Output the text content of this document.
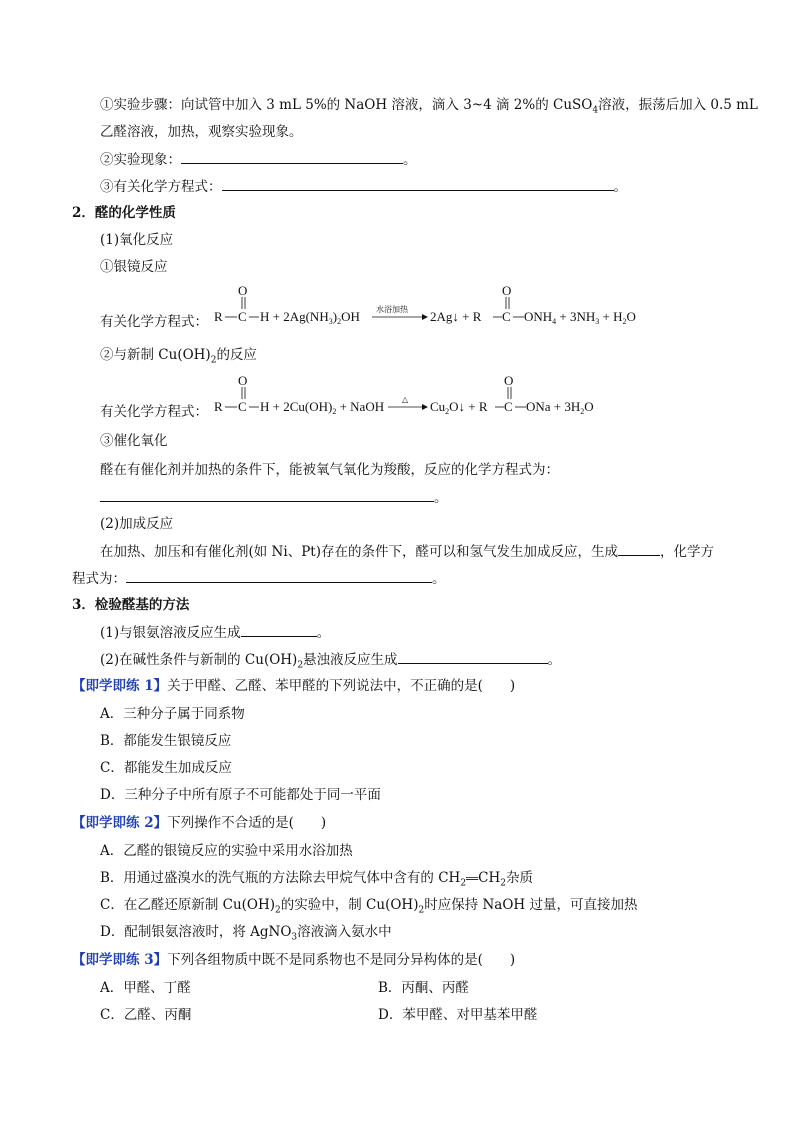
①实验步骤：向试管中加入 3 mL 5%的 NaOH 溶液，滴入 3~4 滴 2%的 CuSO$_4$溶液，振荡后加入 0.5 mL
乙醛溶液，加热，观察实验现象。
②实验现象：	。
③有关化学方程式：	。
2．醛的化学性质
(1)氧化反应
①银镜反应
有关化学方程式： R C
O
$H + 2Ag(NH_3)_2OH$ 水浴加热 2Ag↓ + R C
O
$ONH_4 + 3NH_3 + H_2O$
②与新制 $Cu(OH)_2$的反应
有关化学方程式： R C
O
$H + 2Cu(OH)_2$ + NaOH △ $Cu_2O↓ + R$ C
O
ONa + $3H_2O$
③催化氧化
醛在有催化剂并加热的条件下，能被氧气氧化为羧酸，反应的化学方程式为：
。
(2)加成反应
在加热、加压和有催化剂(如 Ni、Pt)存在的条件下，醛可以和氢气发生加成反应，生成	，化学方
程式为：	。
3．检验醛基的方法
(1)与银氨溶液反应生成	。
(2)在碱性条件与新制的 $Cu(OH)_2$悬浊液反应生成	。
【即学即练 1】关于甲醛、乙醛、苯甲醛的下列说法中，不正确的是(　　)
A．三种分子属于同系物
B．都能发生银镜反应
C．都能发生加成反应
D．三种分子中所有原子不可能都处于同一平面
【即学即练 2】下列操作不合适的是(　　)
A．乙醛的银镜反应的实验中采用水浴加热
B．用通过盛溴水的洗气瓶的方法除去甲烷气体中含有的 $CH_2══CH_2$杂质
C．在乙醛还原新制 $Cu(OH)_2$的实验中，制 $Cu(OH)_2$时应保持 NaOH 过量，可直接加热
D．配制银氨溶液时，将 AgNO$_3$溶液滴入氨水中
【即学即练 3】下列各组物质中既不是同系物也不是同分异构体的是(　　)
A．甲醛、丁醛	B．丙酮、丙醛
C．乙醛、丙酮	D．苯甲醛、对甲基苯甲醛
